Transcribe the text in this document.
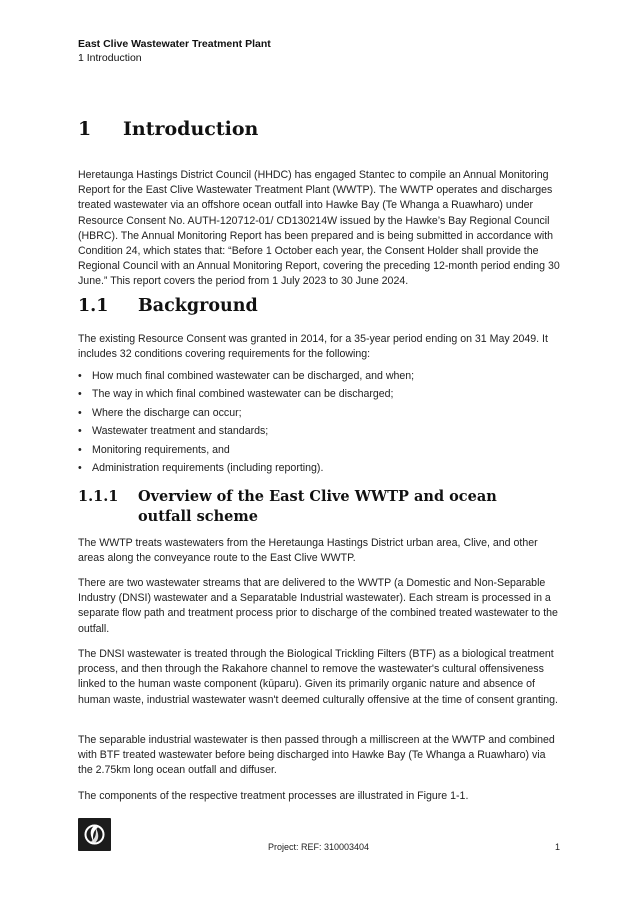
East Clive Wastewater Treatment Plant
1 Introduction
1 Introduction

Heretaunga Hastings District Council (HHDC) has engaged Stantec to compile an Annual Monitoring Report for the East Clive Wastewater Treatment Plant (WWTP). The WWTP operates and discharges treated wastewater via an offshore ocean outfall into Hawke Bay (Te Whanga a Ruawharo) under Resource Consent No. AUTH-120712-01/ CD130214W issued by the Hawke’s Bay Regional Council (HBRC). The Annual Monitoring Report has been prepared and is being submitted in accordance with Condition 24, which states that: “Before 1 October each year, the Consent Holder shall provide the Regional Council with an Annual Monitoring Report, covering the preceding 12-month period ending 30 June.” This report covers the period from 1 July 2023 to 30 June 2024.

1.1 Background

The existing Resource Consent was granted in 2014, for a 35-year period ending on 31 May 2049. It includes 32 conditions covering requirements for the following:

• How much final combined wastewater can be discharged, and when;
• The way in which final combined wastewater can be discharged;
• Where the discharge can occur;
• Wastewater treatment and standards;
• Monitoring requirements, and
• Administration requirements (including reporting).
1.1.1 Overview of the East Clive WWTP and ocean outfall scheme

The WWTP treats wastewaters from the Heretaunga Hastings District urban area, Clive, and other areas along the conveyance route to the East Clive WWTP.

There are two wastewater streams that are delivered to the WWTP (a Domestic and Non-Separable Industry (DNSI) wastewater and a Separatable Industrial wastewater). Each stream is processed in a separate flow path and treatment process prior to discharge of the combined treated wastewater to the outfall.

The DNSI wastewater is treated through the Biological Trickling Filters (BTF) as a biological treatment process, and then through the Rakahore channel to remove the wastewater's cultural offensiveness linked to the human waste component (kūparu). Given its primarily organic nature and absence of human waste, industrial wastewater wasn't deemed culturally offensive at the time of consent granting.

The separable industrial wastewater is then passed through a milliscreen at the WWTP and combined with BTF treated wastewater before being discharged into Hawke Bay (Te Whanga a Ruawharo) via the 2.75km long ocean outfall and diffuser.

The components of the respective treatment processes are illustrated in Figure 1-1.

Project: REF: 310003404	1
